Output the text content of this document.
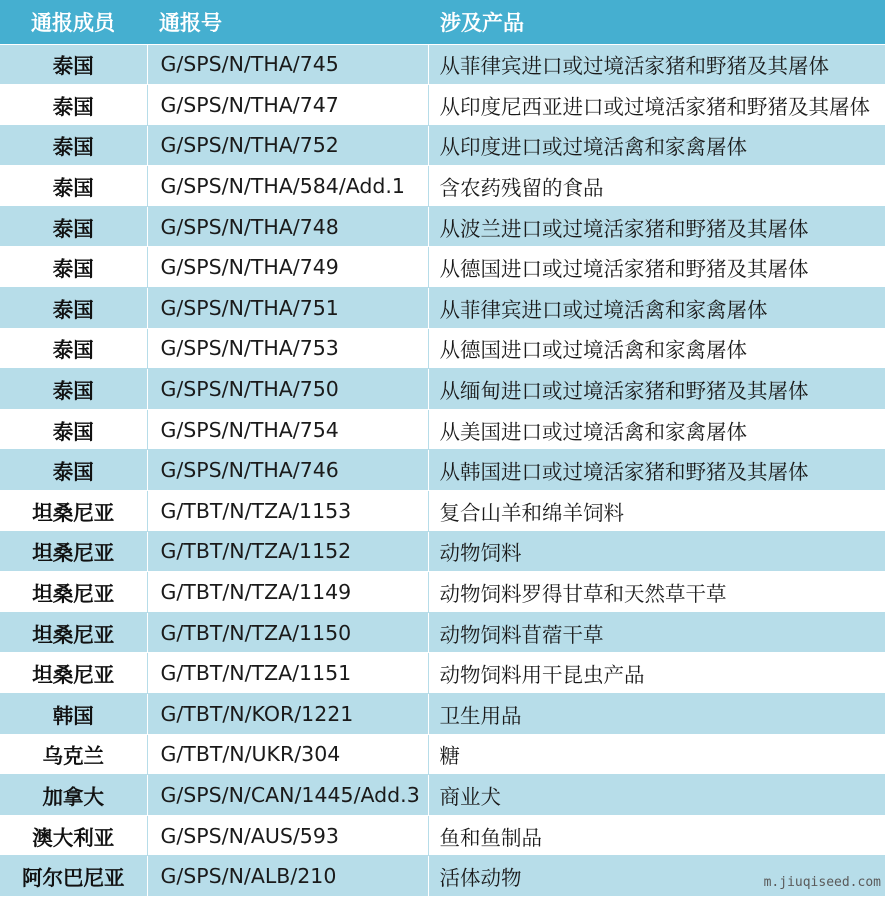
通报成员	通报号	涉及产品
泰国	G/SPS/N/THA/745	从菲律宾进口或过境活家猪和野猪及其屠体
泰国	G/SPS/N/THA/747	从印度尼西亚进口或过境活家猪和野猪及其屠体
泰国	G/SPS/N/THA/752	从印度进口或过境活禽和家禽屠体
泰国	G/SPS/N/THA/584/Add.1	含农药残留的食品
泰国	G/SPS/N/THA/748	从波兰进口或过境活家猪和野猪及其屠体
泰国	G/SPS/N/THA/749	从德国进口或过境活家猪和野猪及其屠体
泰国	G/SPS/N/THA/751	从菲律宾进口或过境活禽和家禽屠体
泰国	G/SPS/N/THA/753	从德国进口或过境活禽和家禽屠体
泰国	G/SPS/N/THA/750	从缅甸进口或过境活家猪和野猪及其屠体
泰国	G/SPS/N/THA/754	从美国进口或过境活禽和家禽屠体
泰国	G/SPS/N/THA/746	从韩国进口或过境活家猪和野猪及其屠体
坦桑尼亚	G/TBT/N/TZA/1153	复合山羊和绵羊饲料
坦桑尼亚	G/TBT/N/TZA/1152	动物饲料
坦桑尼亚	G/TBT/N/TZA/1149	动物饲料罗得甘草和天然草干草
坦桑尼亚	G/TBT/N/TZA/1150	动物饲料苜蓿干草
坦桑尼亚	G/TBT/N/TZA/1151	动物饲料用干昆虫产品
韩国	G/TBT/N/KOR/1221	卫生用品
乌克兰	G/TBT/N/UKR/304	糖
加拿大	G/SPS/N/CAN/1445/Add.3	商业犬
澳大利亚	G/SPS/N/AUS/593	鱼和鱼制品
阿尔巴尼亚	G/SPS/N/ALB/210	活体动物	m.jiuqiseed.com
